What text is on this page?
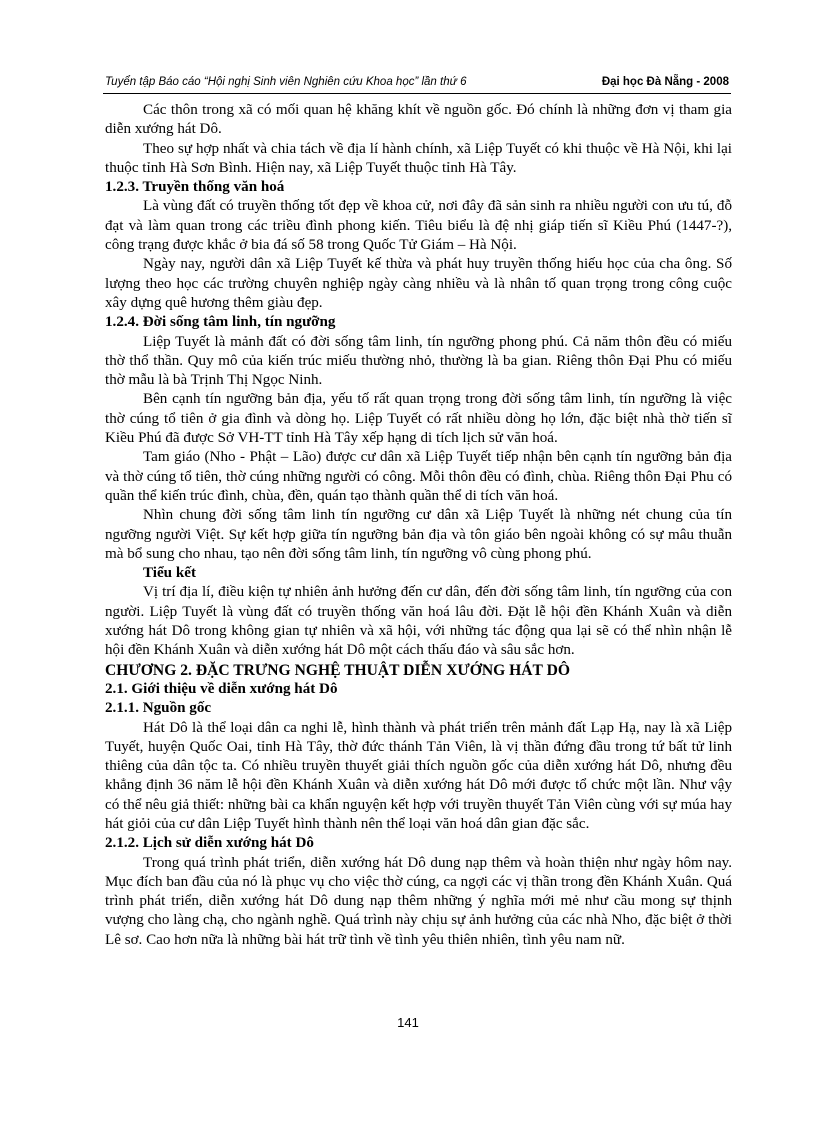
Tuyển tập Báo cáo “Hội nghị Sinh viên Nghiên cứu Khoa học” lần thứ 6	Đại học Đà Nẵng - 2008

Các thôn trong xã có mối quan hệ khăng khít về nguồn gốc. Đó chính là những đơn vị tham gia diễn xướng hát Dô.

Theo sự hợp nhất và chia tách về địa lí hành chính, xã Liệp Tuyết có khi thuộc về Hà Nội, khi lại thuộc tỉnh Hà Sơn Bình. Hiện nay, xã Liệp Tuyết thuộc tỉnh Hà Tây.

1.2.3. Truyền thống văn hoá

Là vùng đất có truyền thống tốt đẹp về khoa cử, nơi đây đã sản sinh ra nhiều người con ưu tú, đỗ đạt và làm quan trong các triều đình phong kiến. Tiêu biểu là đệ nhị giáp tiến sĩ Kiều Phú (1447-?), công trạng được khắc ở bia đá số 58 trong Quốc Tử Giám – Hà Nội.

Ngày nay, người dân xã Liệp Tuyết kế thừa và phát huy truyền thống hiếu học của cha ông. Số lượng theo học các trường chuyên nghiệp ngày càng nhiều và là nhân tố quan trọng trong công cuộc xây dựng quê hương thêm giàu đẹp.

1.2.4. Đời sống tâm linh, tín ngưỡng

Liệp Tuyết là mảnh đất có đời sống tâm linh, tín ngưỡng phong phú. Cả năm thôn đều có miếu thờ thổ thần. Quy mô của kiến trúc miếu thường nhỏ, thường là ba gian. Riêng thôn Đại Phu có miếu thờ mẫu là bà Trịnh Thị Ngọc Ninh.

Bên cạnh tín ngưỡng bản địa, yếu tố rất quan trọng trong đời sống tâm linh, tín ngưỡng là việc thờ cúng tổ tiên ở gia đình và dòng họ. Liệp Tuyết có rất nhiều dòng họ lớn, đặc biệt nhà thờ tiến sĩ Kiều Phú đã được Sở VH-TT tỉnh Hà Tây xếp hạng di tích lịch sử văn hoá.

Tam giáo (Nho - Phật – Lão) được cư dân xã Liệp Tuyết tiếp nhận bên cạnh tín ngưỡng bản địa và thờ cúng tổ tiên, thờ cúng những người có công. Mỗi thôn đều có đình, chùa. Riêng thôn Đại Phu có quần thể kiến trúc đình, chùa, đền, quán tạo thành quần thể di tích văn hoá.

Nhìn chung đời sống tâm linh tín ngưỡng cư dân xã Liệp Tuyết là những nét chung của tín ngưỡng người Việt. Sự kết hợp giữa tín ngưỡng bản địa và tôn giáo bên ngoài không có sự mâu thuẫn mà bổ sung cho nhau, tạo nên đời sống tâm linh, tín ngưỡng vô cùng phong phú.

Tiểu kết

Vị trí địa lí, điều kiện tự nhiên ảnh hưởng đến cư dân, đến đời sống tâm linh, tín ngưỡng của con người. Liệp Tuyết là vùng đất có truyền thống văn hoá lâu đời. Đặt lễ hội đền Khánh Xuân và diễn xướng hát Dô trong không gian tự nhiên và xã hội, với những tác động qua lại sẽ có thể nhìn nhận lễ hội đền Khánh Xuân và diễn xướng hát Dô một cách thấu đáo và sâu sắc hơn.

CHƯƠNG 2. ĐẶC TRƯNG NGHỆ THUẬT DIỄN XƯỚNG HÁT DÔ
2.1. Giới thiệu về diễn xướng hát Dô
2.1.1. Nguồn gốc

Hát Dô là thể loại dân ca nghi lễ, hình thành và phát triển trên mảnh đất Lạp Hạ, nay là xã Liệp Tuyết, huyện Quốc Oai, tỉnh Hà Tây, thờ đức thánh Tản Viên, là vị thần đứng đầu trong tứ bất tử linh thiêng của dân tộc ta. Có nhiều truyền thuyết giải thích nguồn gốc của diễn xướng hát Dô, nhưng đều khẳng định 36 năm lễ hội đền Khánh Xuân và diễn xướng hát Dô mới được tổ chức một lần. Như vậy có thể nêu giả thiết: những bài ca khẩn nguyện kết hợp với truyền thuyết Tản Viên cùng với sự múa hay hát giỏi của cư dân Liệp Tuyết hình thành nên thể loại văn hoá dân gian đặc sắc.

2.1.2. Lịch sử diễn xướng hát Dô

Trong quá trình phát triển, diễn xướng hát Dô dung nạp thêm và hoàn thiện như ngày hôm nay. Mục đích ban đầu của nó là phục vụ cho việc thờ cúng, ca ngợi các vị thần trong đền Khánh Xuân. Quá trình phát triển, diễn xướng hát Dô dung nạp thêm những ý nghĩa mới mẻ như cầu mong sự thịnh vượng cho làng chạ, cho ngành nghề. Quá trình này chịu sự ảnh hưởng của các nhà Nho, đặc biệt ở thời Lê sơ. Cao hơn nữa là những bài hát trữ tình về tình yêu thiên nhiên, tình yêu nam nữ.

141
